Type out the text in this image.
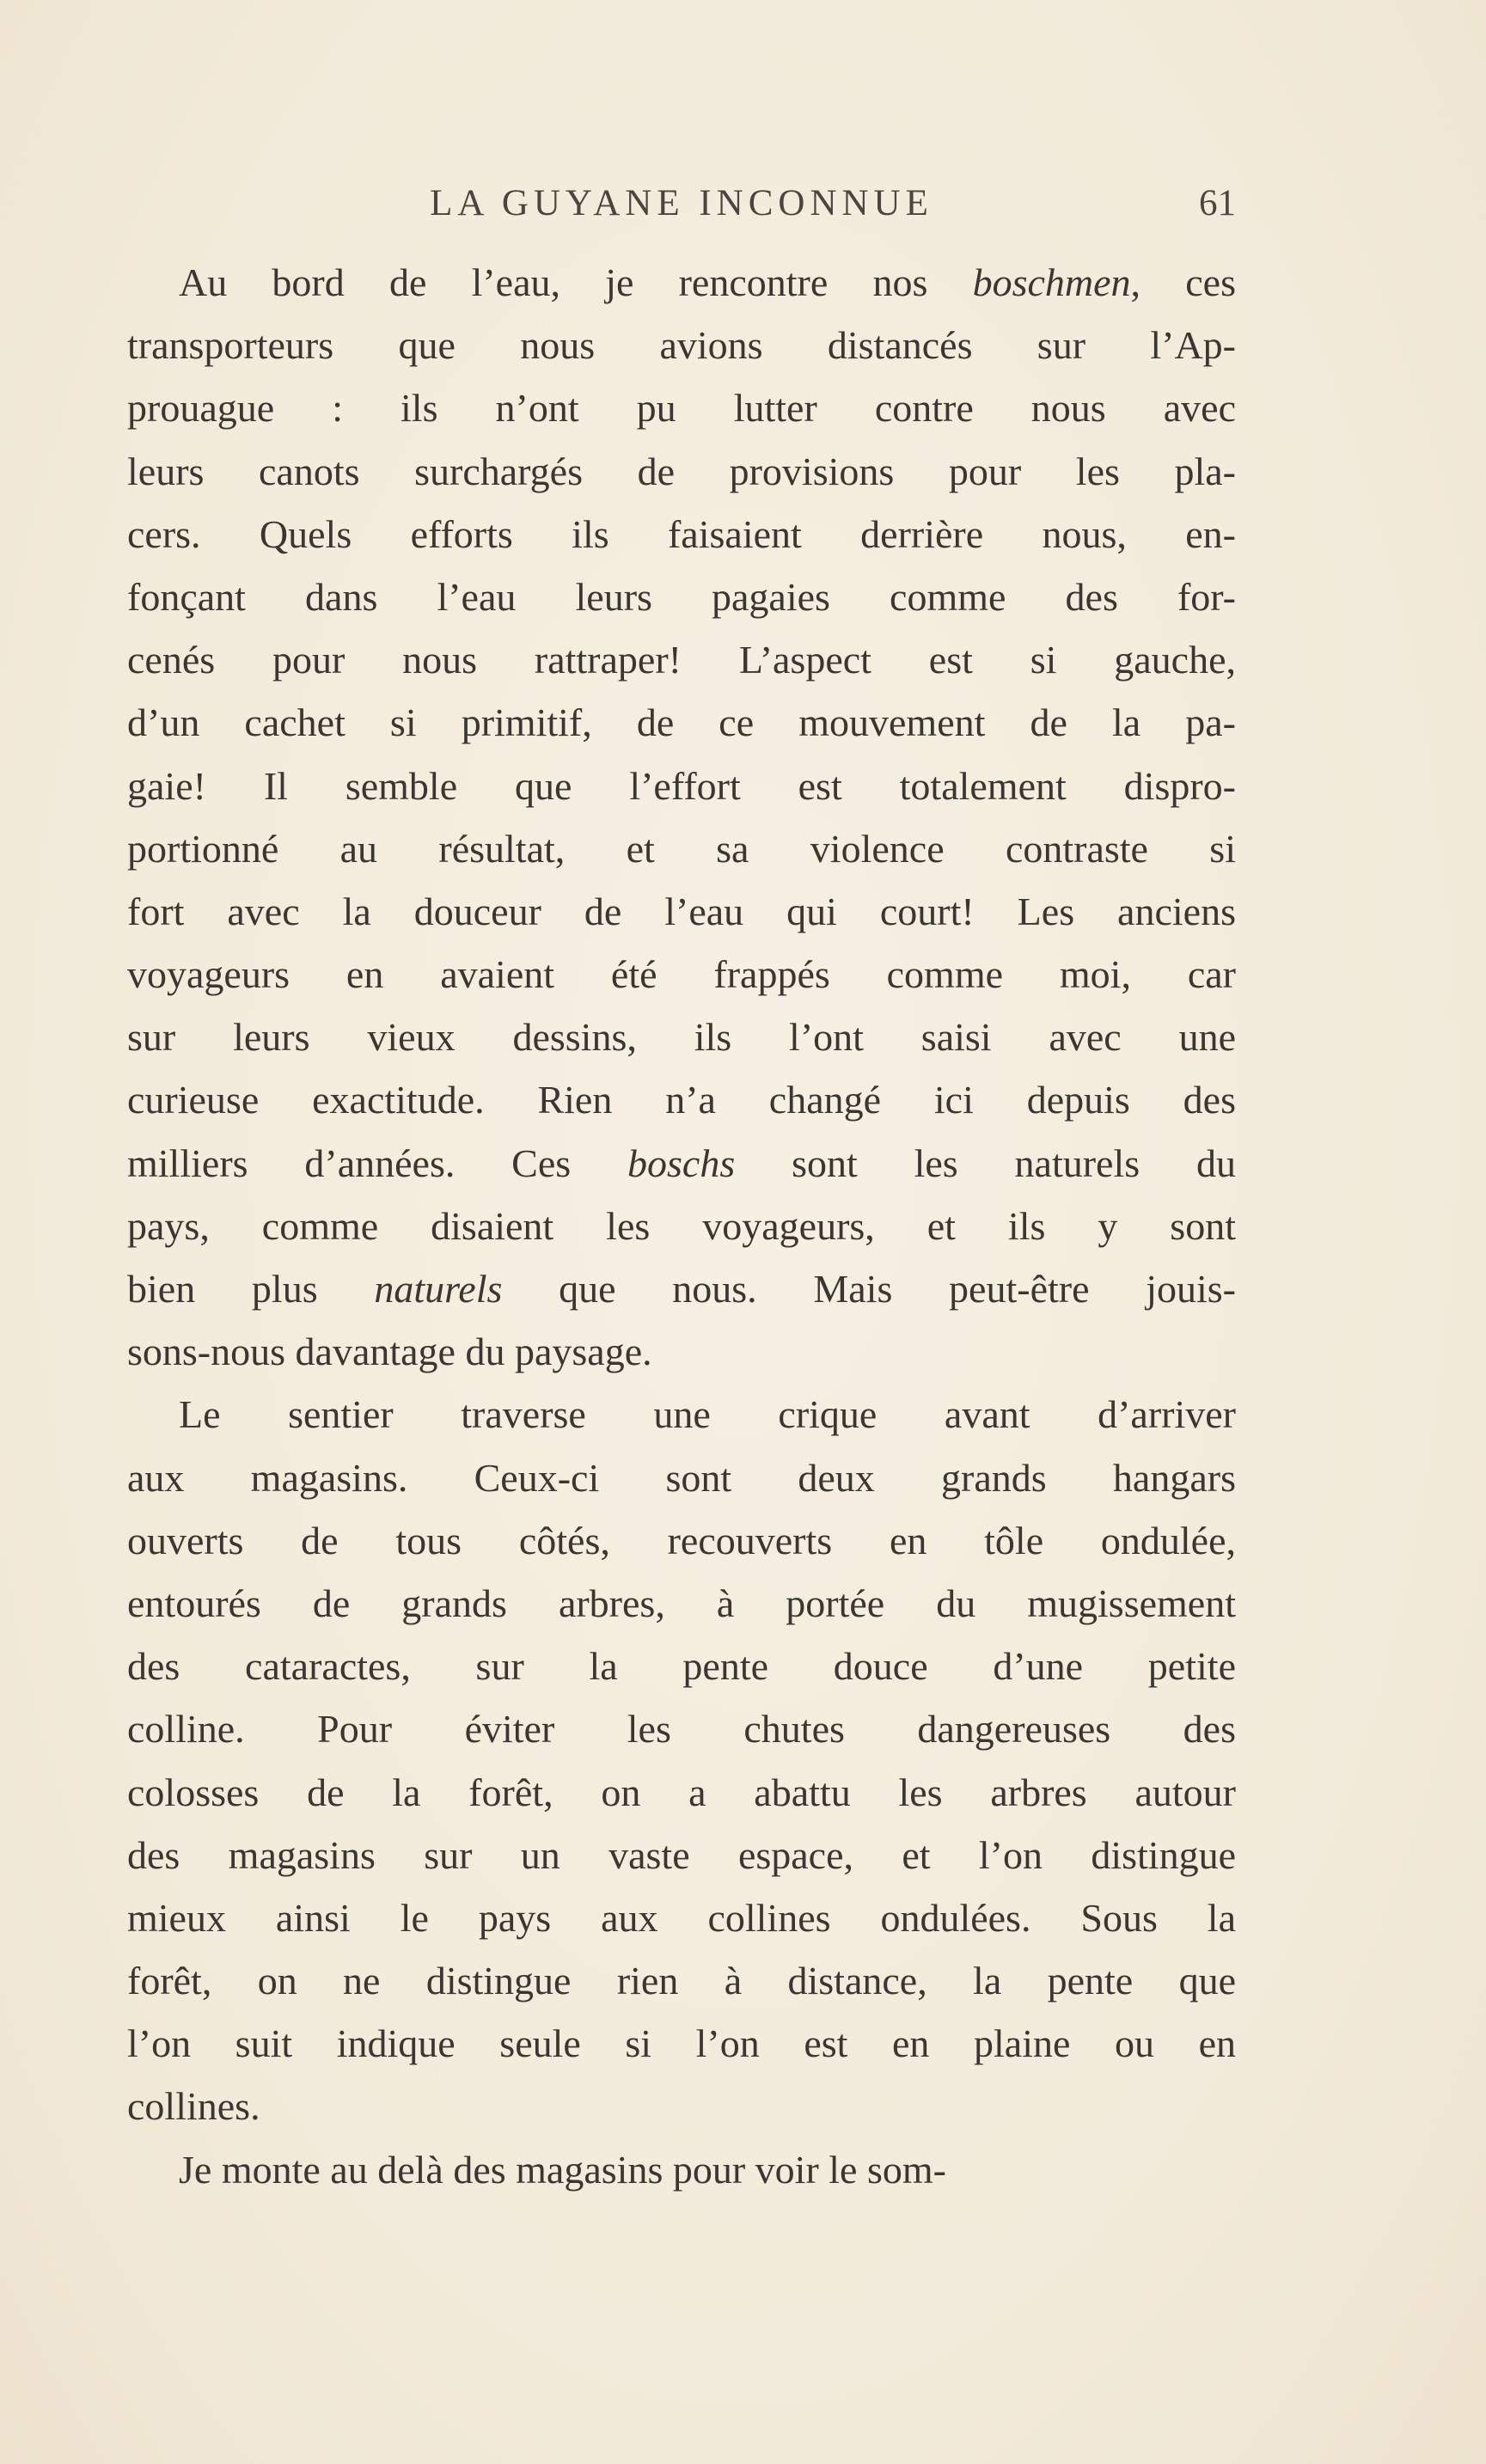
LA GUYANE INCONNUE	61
Au bord de l’eau, je rencontre nos boschmen, ces
transporteurs que nous avions distancés sur l’Ap-
prouague : ils n’ont pu lutter contre nous avec
leurs canots surchargés de provisions pour les pla-
cers. Quels efforts ils faisaient derrière nous, en-
fonçant dans l’eau leurs pagaies comme des for-
cenés pour nous rattraper! L’aspect est si gauche,
d’un cachet si primitif, de ce mouvement de la pa-
gaie! Il semble que l’effort est totalement dispro-
portionné au résultat, et sa violence contraste si
fort avec la douceur de l’eau qui court! Les anciens
voyageurs en avaient été frappés comme moi, car
sur leurs vieux dessins, ils l’ont saisi avec une
curieuse exactitude. Rien n’a changé ici depuis des
milliers d’années. Ces boschs sont les naturels du
pays, comme disaient les voyageurs, et ils y sont
bien plus naturels que nous. Mais peut-être jouis-
sons-nous davantage du paysage.
Le sentier traverse une crique avant d’arriver
aux magasins. Ceux-ci sont deux grands hangars
ouverts de tous côtés, recouverts en tôle ondulée,
entourés de grands arbres, à portée du mugissement
des cataractes, sur la pente douce d’une petite
colline. Pour éviter les chutes dangereuses des
colosses de la forêt, on a abattu les arbres autour
des magasins sur un vaste espace, et l’on distingue
mieux ainsi le pays aux collines ondulées. Sous la
forêt, on ne distingue rien à distance, la pente que
l’on suit indique seule si l’on est en plaine ou en
collines.
Je monte au delà des magasins pour voir le som-
